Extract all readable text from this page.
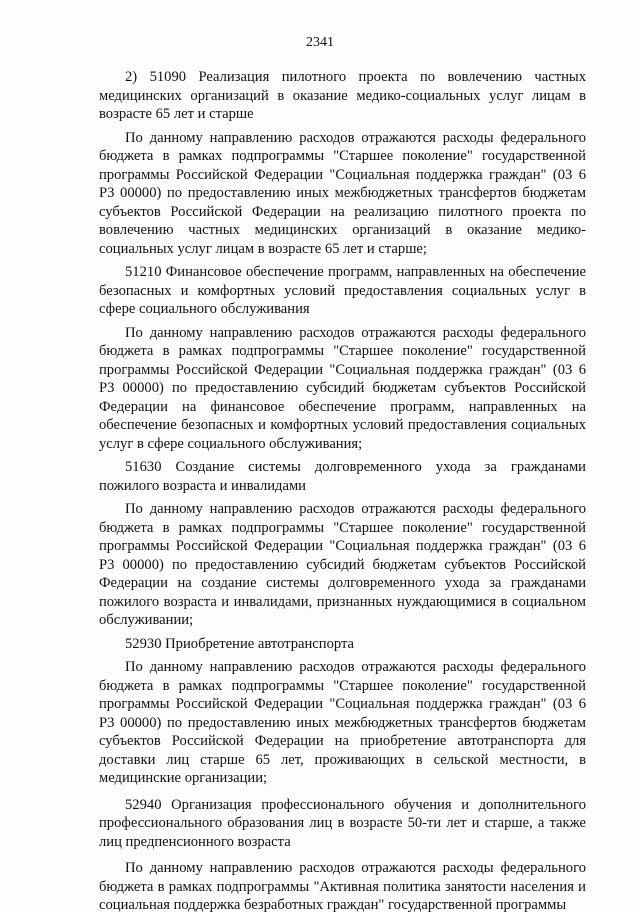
2341

2) 51090 Реализация пилотного проекта по вовлечению частных медицинских организаций в оказание медико-социальных услуг лицам в возрасте 65 лет и старше

По данному направлению расходов отражаются расходы федерального бюджета в рамках подпрограммы "Старшее поколение" государственной программы Российской Федерации "Социальная поддержка граждан" (03 6 Р3 00000) по предоставлению иных межбюджетных трансфертов бюджетам субъектов Российской Федерации на реализацию пилотного проекта по вовлечению частных медицинских организаций в оказание медико-социальных услуг лицам в возрасте 65 лет и старше;

51210 Финансовое обеспечение программ, направленных на обеспечение безопасных и комфортных условий предоставления социальных услуг в сфере социального обслуживания

По данному направлению расходов отражаются расходы федерального бюджета в рамках подпрограммы "Старшее поколение" государственной программы Российской Федерации "Социальная поддержка граждан" (03 6 Р3 00000) по предоставлению субсидий бюджетам субъектов Российской Федерации на финансовое обеспечение программ, направленных на обеспечение безопасных и комфортных условий предоставления социальных услуг в сфере социального обслуживания;

51630 Создание системы долговременного ухода за гражданами пожилого возраста и инвалидами

По данному направлению расходов отражаются расходы федерального бюджета в рамках подпрограммы "Старшее поколение" государственной программы Российской Федерации "Социальная поддержка граждан" (03 6 Р3 00000) по предоставлению субсидий бюджетам субъектов Российской Федерации на создание системы долговременного ухода за гражданами пожилого возраста и инвалидами, признанных нуждающимися в социальном обслуживании;

52930 Приобретение автотранспорта

По данному направлению расходов отражаются расходы федерального бюджета в рамках подпрограммы "Старшее поколение" государственной программы Российской Федерации "Социальная поддержка граждан" (03 6 Р3 00000) по предоставлению иных межбюджетных трансфертов бюджетам субъектов Российской Федерации на приобретение автотранспорта для доставки лиц старше 65 лет, проживающих в сельской местности, в медицинские организации;

52940 Организация профессионального обучения и дополнительного профессионального образования лиц в возрасте 50-ти лет и старше, а также лиц предпенсионного возраста

По данному направлению расходов отражаются расходы федерального бюджета в рамках подпрограммы "Активная политика занятости населения и социальная поддержка безработных граждан" государственной программы
